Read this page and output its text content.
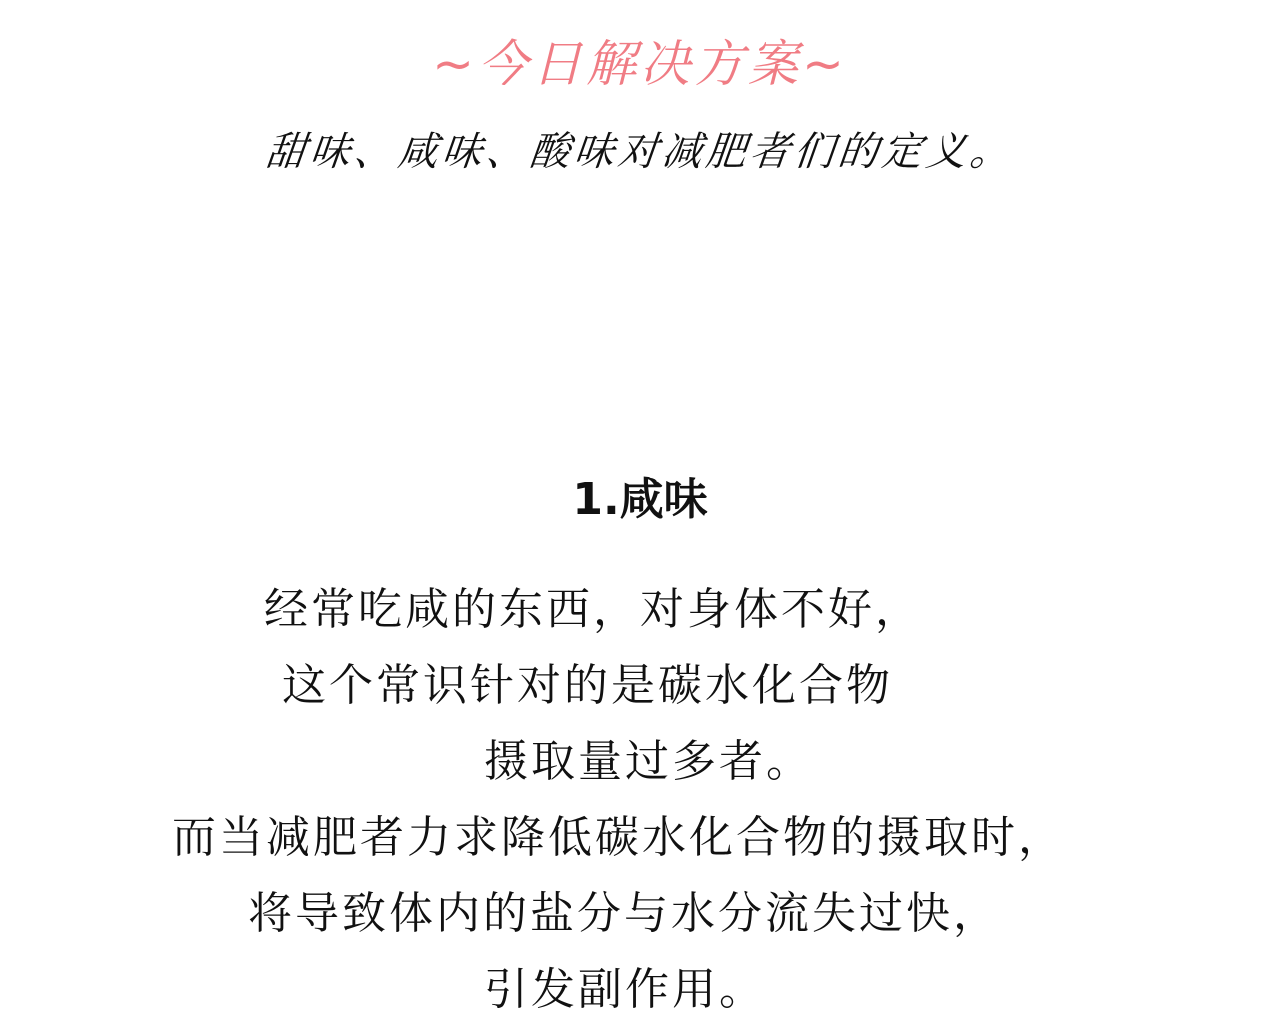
~今日解决方案~
甜味、咸味、酸味对减肥者们的定义。
1.咸味
经常吃咸的东西，对身体不好，
这个常识针对的是碳水化合物
摄取量过多者。
而当减肥者力求降低碳水化合物的摄取时，
将导致体内的盐分与水分流失过快，
引发副作用。
